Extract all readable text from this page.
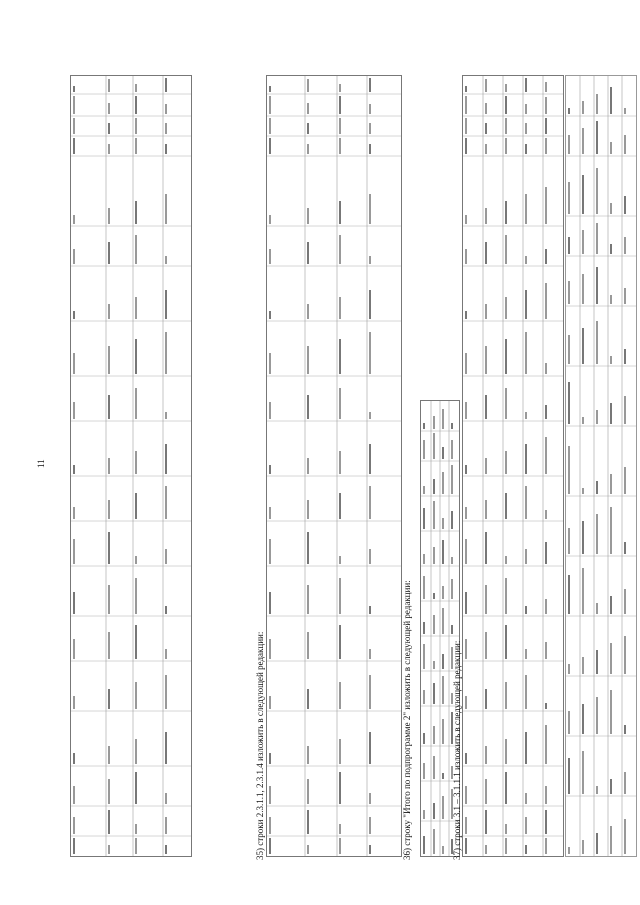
11
35) строки 2.3.1.1, 2.3.1.4 изложить в следующей редакции:	36) строку "Итого по подпрограмме 2" изложить в следующей редакции:	37) строки 3.1 – 3.1.1.1 изложить в следующей редакции:
